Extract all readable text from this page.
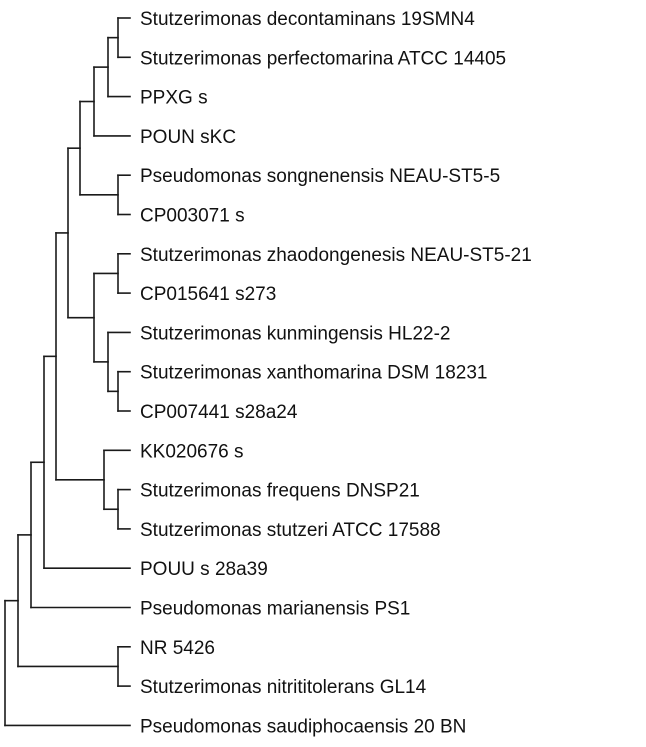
Stutzerimonas decontaminans 19SMN4
Stutzerimonas perfectomarina ATCC 14405
PPXG s
POUN sKC
Pseudomonas songnenensis NEAU-ST5-5
CP003071 s
Stutzerimonas zhaodongenesis NEAU-ST5-21
CP015641 s273
Stutzerimonas kunmingensis HL22-2
Stutzerimonas xanthomarina DSM 18231
CP007441 s28a24
KK020676 s
Stutzerimonas frequens DNSP21
Stutzerimonas stutzeri ATCC 17588
POUU s 28a39
Pseudomonas marianensis PS1
NR 5426
Stutzerimonas nitrititolerans GL14
Pseudomonas saudiphocaensis 20 BN
